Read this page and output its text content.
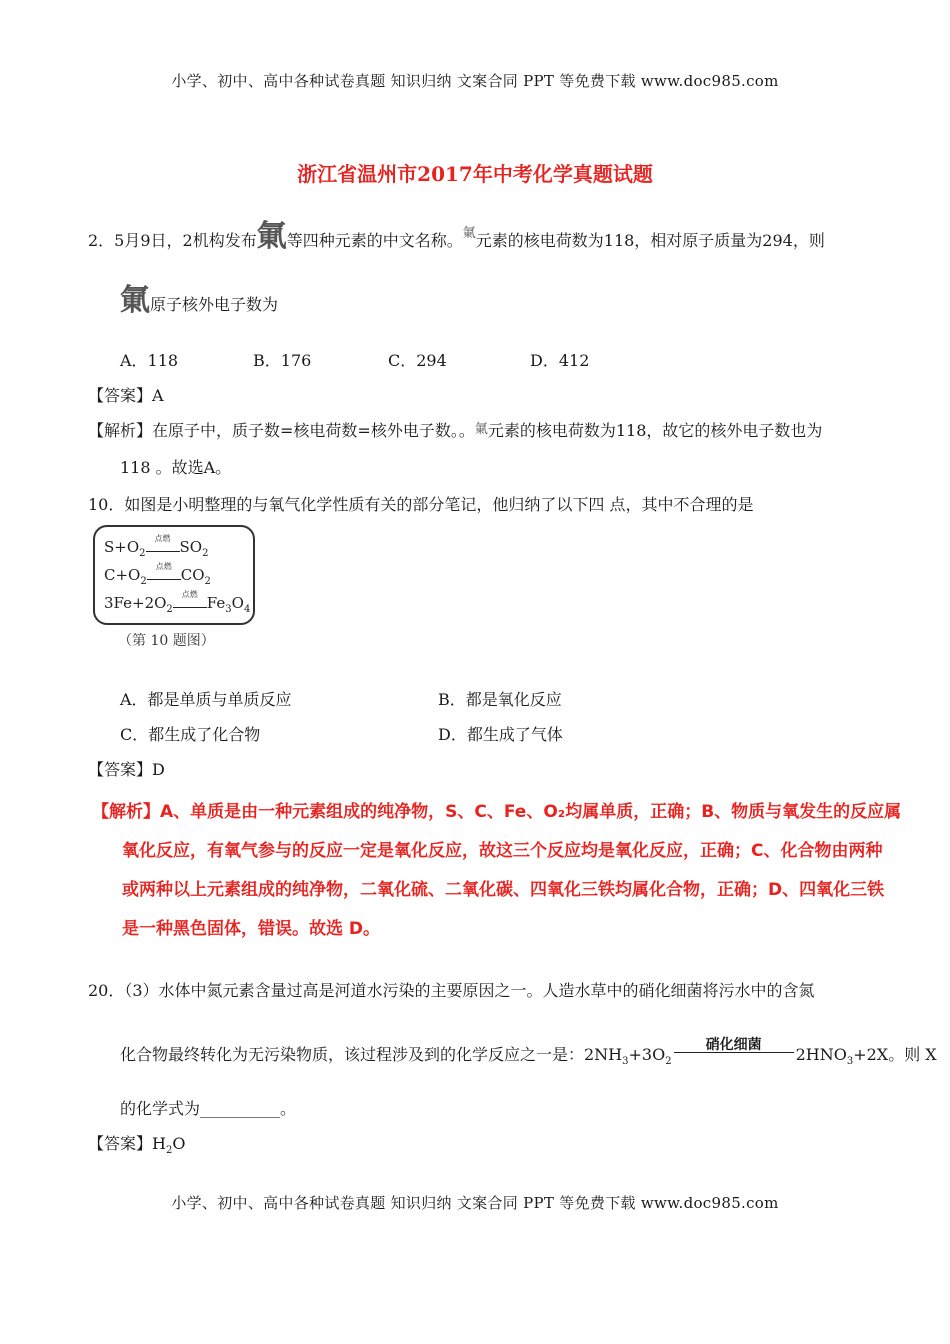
小学、初中、高中各种试卷真题 知识归纳 文案合同 PPT 等免费下载 www.doc985.com
浙江省温州市2017年中考化学真题试题
2．5月9日，2机构发布氭等四种元素的中文名称。$^氭$元素的核电荷数为118，相对原子质量为294，则
氭原子核外电子数为
A．118	B．176	C．294	D．412
【答案】A
【解析】在原子中，质子数=核电荷数=核外电子数。。$^氭$元素的核电荷数为118，故它的核外电子数也为
118 。故选A。
10．如图是小明整理的与氧气化学性质有关的部分笔记，他归纳了以下四 点，其中不合理的是
$S+O_2$
点燃 $SO_2$
$C+O_2$
点燃 $CO_2$
$3Fe+2O_2$
点燃 $Fe_3O_4$
（第 10 题图）
A．都是单质与单质反应	B．都是氧化反应
C．都生成了化合物	D．都生成了气体
【答案】D
【解析】A、单质是由一种元素组成的纯净物，S、C、Fe、O₂均属单质，正确；B、物质与氧发生的反应属
氧化反应，有氧气参与的反应一定是氧化反应，故这三个反应均是氧化反应，正确；C、化合物由两种
或两种以上元素组成的纯净物，二氧化硫、二氧化碳、四氧化三铁均属化合物，正确；D、四氧化三铁
是一种黑色固体，错误。故选 D。
20．（3）水体中氮元素含量过高是河道水污染的主要原因之一。人造水草中的硝化细菌将污水中的含氮
化合物最终转化为无污染物质，该过程涉及到的化学反应之一是：$2NH_3+3O_2$
硝化细菌
$2HNO_3+2X$。则 X
的化学式为__________。
【答案】$H_2O$
小学、初中、高中各种试卷真题 知识归纳 文案合同 PPT 等免费下载 www.doc985.com
